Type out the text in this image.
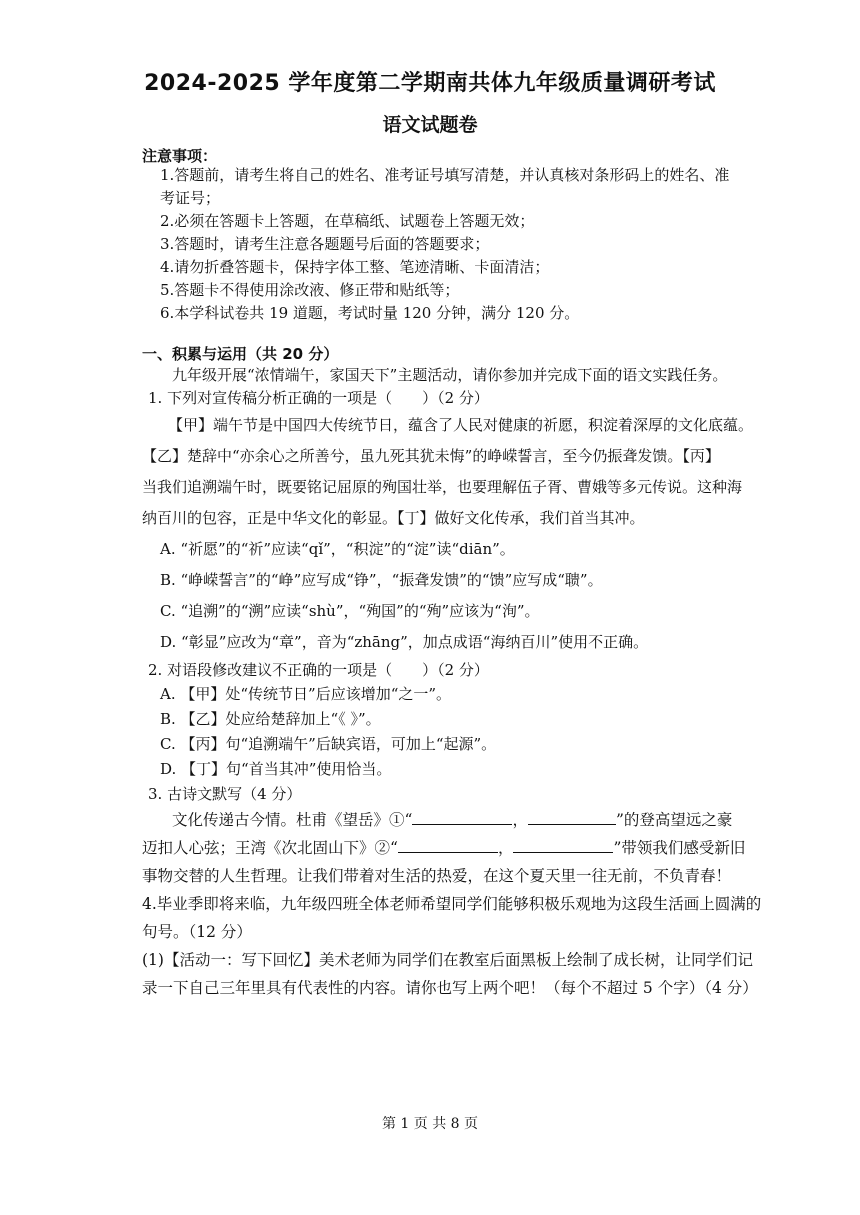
2024-2025 学年度第二学期南共体九年级质量调研考试
语文试题卷
注意事项：
1.答题前，请考生将自己的姓名、准考证号填写清楚，并认真核对条形码上的姓名、准
考证号；
2.必须在答题卡上答题，在草稿纸、试题卷上答题无效；
3.答题时，请考生注意各题题号后面的答题要求；
4.请勿折叠答题卡，保持字体工整、笔迹清晰、卡面清洁；
5.答题卡不得使用涂改液、修正带和贴纸等；
6.本学科试卷共 19 道题，考试时量 120 分钟，满分 120 分。
一、积累与运用（共 20 分）
九年级开展“浓情端午，家国天下”主题活动，请你参加并完成下面的语文实践任务。
1. 下列对宣传稿分析正确的一项是（　　）（2 分）
【甲】端午节是中国四大传统节日，蕴含了人民对健康的祈愿，积淀着深厚的文化底蕴。
【乙】楚辞中“亦余心之所善兮，虽九死其犹未悔”的峥嵘誓言，至今仍振聋发馈。【丙】
当我们追溯端午时，既要铭记屈原的殉国壮举，也要理解伍子胥、曹娥等多元传说。这种海
纳百川的包容，正是中华文化的彰显。【丁】做好文化传承，我们首当其冲。
A. “祈愿”的“祈”应读“qǐ”，“积淀”的“淀”读“diān”。
B. “峥嵘誓言”的“峥”应写成“铮”，“振聋发馈”的“馈”应写成“聩”。
C. “追溯”的“溯”应读“shù”，“殉国”的“殉”应该为“洵”。
D. “彰显”应改为“章”，音为“zhāng”，加点成语“海纳百川”使用不正确。
2. 对语段修改建议不正确的一项是（　　）（2 分）
A. 【甲】处“传统节日”后应该增加“之一”。
B. 【乙】处应给楚辞加上“《 》”。
C. 【丙】句“追溯端午”后缺宾语，可加上“起源”。
D. 【丁】句“首当其冲”使用恰当。
3. 古诗文默写（4 分）
文化传递古今情。杜甫《望岳》①“	，	”的登高望远之豪
迈扣人心弦；王湾《次北固山下》②“	，	”带领我们感受新旧
事物交替的人生哲理。让我们带着对生活的热爱，在这个夏天里一往无前，不负青春！
4.毕业季即将来临，九年级四班全体老师希望同学们能够积极乐观地为这段生活画上圆满的
句号。（12 分）
(1)【活动一：写下回忆】美术老师为同学们在教室后面黑板上绘制了成长树，让同学们记
录一下自己三年里具有代表性的内容。请你也写上两个吧！（每个不超过 5 个字）（4 分）
第 1 页 共 8 页
